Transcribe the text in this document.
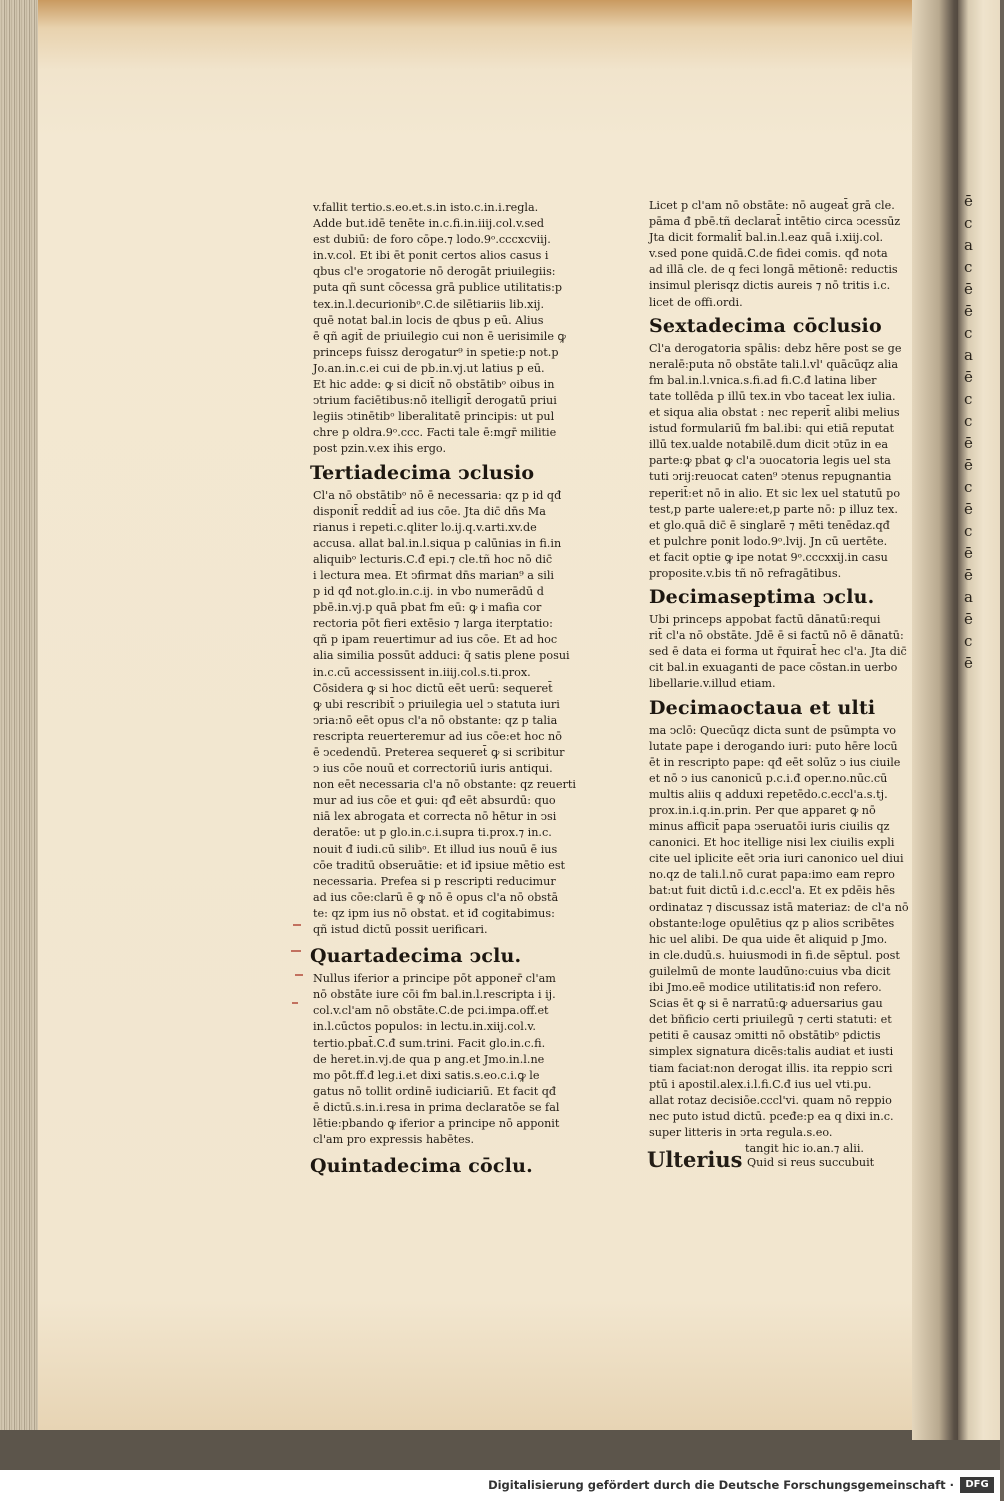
ē
c
a
c
ē
ē
c
a
ē
c
c
ē
ē
c
ē
c
ē
ē
a
ē
c
ē
v.fallit tertio.s.eo.et.s.in isto.c.in.i.regla.
Adde but.idē tenēte in.c.fi.in.iiij.col.v.sed
est dubiū: de foro cōpe.⁊ lodo.9ᵒ.cccxcviij.
in.v.col. Et ibi ēt ponit certos alios casus i
qbus cl'e ↄrogatorie nō derogāt priuilegiis:
puta qñ sunt cōcessa grā publice utilitatis:p
tex.in.l.decurionibᵒ.C.de silētiariis lib.xij.
quē notat bal.in locis de qbus p eū. Alius
ē qñ agit̄ de priuilegio cui non ē uerisimile ꝙ
princeps fuissz derogatur⁹ in spetie:p not.p
Jo.an.in.c.ei cui de pb.in.vj.ut latius p eū.
Et hic adde: ꝙ si dicit̄ nō obstātibᵒ oibus in
ↄtrium faciētibus:nō itelligit̄ derogatū priui
legiis ↄtinētibᵒ liberalitatē principis: ut pul
chre p oldra.9ᵒ.ccc. Facti tale ē:mgr̄ militie
post pzin.v.ex ihis ergo.
Tertiadecima ↄclusio
Cl'a nō obstātibᵒ nō ē necessaria: qz p id qđ
disponit̄ reddit̄ ad ius cōe. Jta dic̄ dn̄s Ma
rianus i repeti.c.qliter lo.ij.q.v.arti.xv.de
accusa. allat bal.in.l.siqua p calūnias in fi.in
aliquibᵒ lecturis.C.đ epi.⁊ cle.tñ hoc nō dic̄
i lectura mea. Et ↄfirmat dn̄s marian⁹ a sili
p id qđ not.glo.in.c.ij. in vbo numerādū d
pbē.in.vj.p quā pbat fm eū: ꝙ i mafia cor
rectoria pōt fieri extēsio ⁊ larga iterptatio:
qñ p ipam reuertimur ad ius cōe. Et ad hoc
alia similia possūt adduci: q̄ satis plene posui
in.c.cū accessissent in.iiij.col.s.ti.prox.
Cōsidera ꝙ si hoc dictū eēt uerū: sequeret̄
ꝙ ubi rescribit̄ ↄ priuilegia uel ↄ statuta iuri
ↄria:nō eēt opus cl'a nō obstante: qz p talia
rescripta reuerteremur ad ius cōe:et hoc nō
ē ↄcedendū. Preterea sequeret̄ ꝙ si scribitur
ↄ ius cōe nouū et correctoriū iuris antiqui.
non eēt necessaria cl'a nō obstante: qz reuerti
mur ad ius cōe et ꝙui: qđ eēt absurdū: quo
niā lex abrogata et correcta nō hētur in ↄsi
deratōe: ut p glo.in.c.i.supra ti.prox.⁊ in.c.
nouit đ iudi.cū silibᵒ. Et illud ius nouū ē ius
cōe traditū obseruātie: et iđ ipsiue mētio est
necessaria. Prefea si p rescripti reducimur
ad ius cōe:clarū ē ꝙ nō ē opus cl'a nō obstā
te: qz ipm ius nō obstat. et iđ cogitabimus:
qñ istud dictū possit uerificari.
Quartadecima ↄclu.
Nullus iferior a principe pōt apponer̄ cl'am
nō obstāte iure cōi fm bal.in.l.rescripta i ij.
col.v.cl'am nō obstāte.C.de pci.impa.off.et
in.l.cūctos populos: in lectu.in.xiij.col.v.
tertio.pbat̄.C.đ sum.trini. Facit glo.in.c.fi.
de heret.in.vj.de qua p ang.et Jmo.in.l.ne
mo pōt.ff.đ leg.i.et dixi satis.s.eo.c.i.ꝙ le
gatus nō tollit ordinē iudiciariū. Et facit qđ
ē dictū.s.in.i.resa in prima declaratōe se fal
lētie:pbando ꝙ iferior a principe nō apponit
cl'am pro expressis habētes.
Quintadecima cōclu.
Licet p cl'am nō obstāte: nō augeat̄ grā cle.
pāma đ pbē.tñ declarat̄ intētio circa ↄcessūz
Jta dicit formalit̄ bal.in.l.eaz quā i.xiij.col.
v.sed pone quidā.C.de fidei comis. qđ nota
ad illā cle. de q feci longā mētionē: reductis
insimul plerisqz dictis aureis ⁊ nō tritis i.c.
licet de offi.ordi.
Sextadecima cōclusio
Cl'a derogatoria spālis: debz hēre post se ge
neralē:puta nō obstāte tali.l.vl' quācūqz alia
fm bal.in.l.vnica.s.fi.ad fi.C.đ latina liber
tate tollēda p illū tex.in vbo taceat lex iulia.
et siqua alia obstat : nec reperit̄ alibi melius
istud formulariū fm bal.ibi: qui etiā reputat
illū tex.ualde notabilē.dum dicit ↄtūz in ea
parte:ꝙ pbat ꝙ cl'a ↄuocatoria legis uel sta
tuti ↄrij:reuocat caten⁹ ↄtenus repugnantia
reperit̄:et nō in alio. Et sic lex uel statutū po
test,p parte ualere:et,p parte nō: p illuz tex.
et glo.quā dic̄ ē singlarē ⁊ mēti tenēdaz.qđ
et pulchre ponit lodo.9ᵒ.lvij. Jn cū uertēte.
et facit optie ꝙ ipe notat 9ᵒ.cccxxij.in casu
proposite.v.bis tñ nō refragātibus.
Decimaseptima ↄclu.
Ubi princeps appobat factū dānatū:requi
rit̄ cl'a nō obstāte. Jdē ē si factū nō ē dānatū:
sed ē data ei forma ut r̄quirat̄ hec cl'a. Jta dic̄
cit bal.in exuaganti de pace cōstan.in uerbo
libellarie.v.illud etiam.
Decimaoctaua et ulti
ma ↄclō: Quecūqz dicta sunt de psūmpta vo
lutate pape i derogando iuri: puto hēre locū
ēt in rescripto pape: qđ eēt solūz ↄ ius ciuile
et nō ↄ ius canonicū p.c.i.đ oper.no.nūc.cū
multis aliis q adduxi repetēdo.c.eccl'a.s.tj.
prox.in.i.q.in.prin. Per que apparet ꝙ nō
minus afficit̄ papa ↄseruatōi iuris ciuilis qz
canonici. Et hoc itellige nisi lex ciuilis expli
cite uel iplicite eēt ↄria iuri canonico uel diui
no.qz de tali.l.nō curat papa:imo eam repro
bat:ut fuit dictū i.d.c.eccl'a. Et ex pdēis hēs
ordinataz ⁊ discussaz istā materiaz: de cl'a nō
obstante:loge opulētius qz p alios scribētes
hic uel alibi. De qua uide ēt aliquid p Jmo.
in cle.dudū.s. huiusmodi in fi.de sēptul. post
guilelmū de monte laudūno:cuius vba dicit
ibi Jmo.eē modice utilitatis:iđ non refero.
Scias ēt ꝙ si ē narratū:ꝙ aduersarius gau
det bñficio certi priuilegū ⁊ certi statuti: et
petiti ē causaz ↄmitti nō obstātibᵒ pdictis
simplex signatura dicēs:talis audiat et iusti
tiam faciat:non derogat illis. ita reppio scri
ptū i apostil.alex.i.l.fi.C.đ ius uel vti.pu.
allat rotaz decisiōe.cccl'vi. quam nō reppio
nec puto istud dictū. pceđe:p ea q dixi in.c.
super litteris in ↄrta regula.s.eo.
Ulterius tangit hic io.an.⁊ alii.
Quid si reus succubuit
Digitalisierung gefördert durch die Deutsche Forschungsgemeinschaft ·	DFG
